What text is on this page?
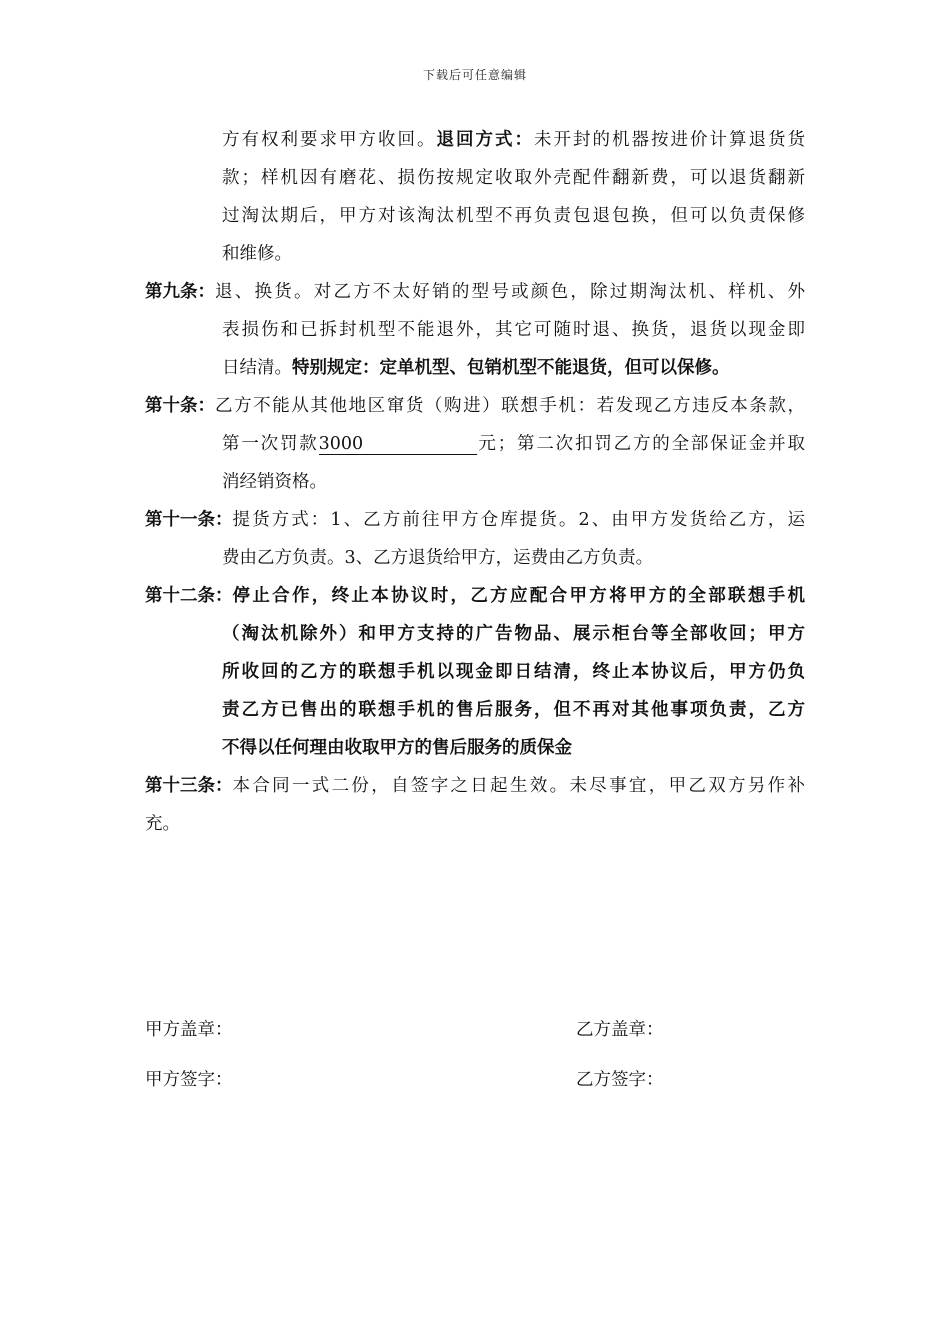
下载后可任意编辑
方有权利要求甲方收回。退回方式：未开封的机器按进价计算退货货
款；样机因有磨花、损伤按规定收取外壳配件翻新费，可以退货翻新
过淘汰期后，甲方对该淘汰机型不再负责包退包换，但可以负责保修
和维修。
第九条： 退、换货。对乙方不太好销的型号或颜色，除过期淘汰机、样机、外
表损伤和已拆封机型不能退外，其它可随时退、换货，退货以现金即
日结清。特别规定：定单机型、包销机型不能退货，但可以保修。
第十条： 乙方不能从其他地区窜货（购进）联想手机：若发现乙方违反本条款，
第一次罚款3000	元；第二次扣罚乙方的全部保证金并取
消经销资格。
第十一条： 提货方式：1、乙方前往甲方仓库提货。2、由甲方发货给乙方，运
费由乙方负责。3、乙方退货给甲方，运费由乙方负责。
第十二条： 停止合作，终止本协议时，乙方应配合甲方将甲方的全部联想手机
（淘汰机除外）和甲方支持的广告物品、展示柜台等全部收回；甲方
所收回的乙方的联想手机以现金即日结清，终止本协议后，甲方仍负
责乙方已售出的联想手机的售后服务，但不再对其他事项负责，乙方
不得以任何理由收取甲方的售后服务的质保金
第十三条： 本合同一式二份，自签字之日起生效。未尽事宜，甲乙双方另作补
充。
甲方盖章：	乙方盖章：
甲方签字：	乙方签字：
